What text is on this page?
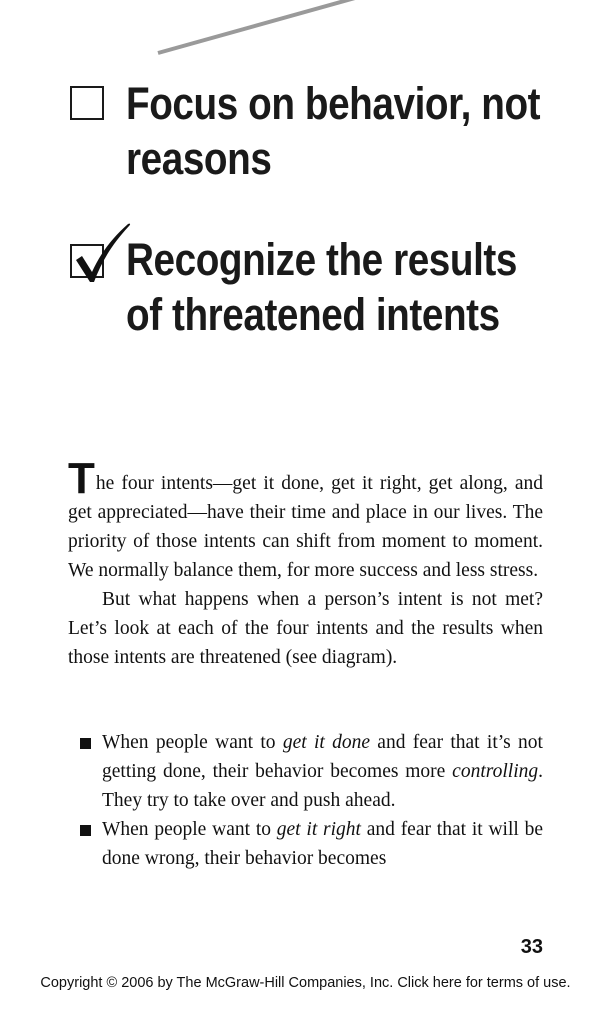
Focus on behavior, not
reasons
Recognize the results
of threatened intents

The four intents—get it done, get it right, get along, and get appreciated—have their time and place in our lives. The priority of those intents can shift from moment to moment. We normally balance them, for more success and less stress.

But what happens when a person’s intent is not met? Let’s look at each of the four intents and the results when those intents are threatened (see diagram).

When people want to get it done and fear that it’s not getting done, their behavior becomes more controlling. They try to take over and push ahead.
When people want to get it right and fear that it will be done wrong, their behavior becomes
33
Copyright © 2006 by The McGraw-Hill Companies, Inc. Click here for terms of use.
